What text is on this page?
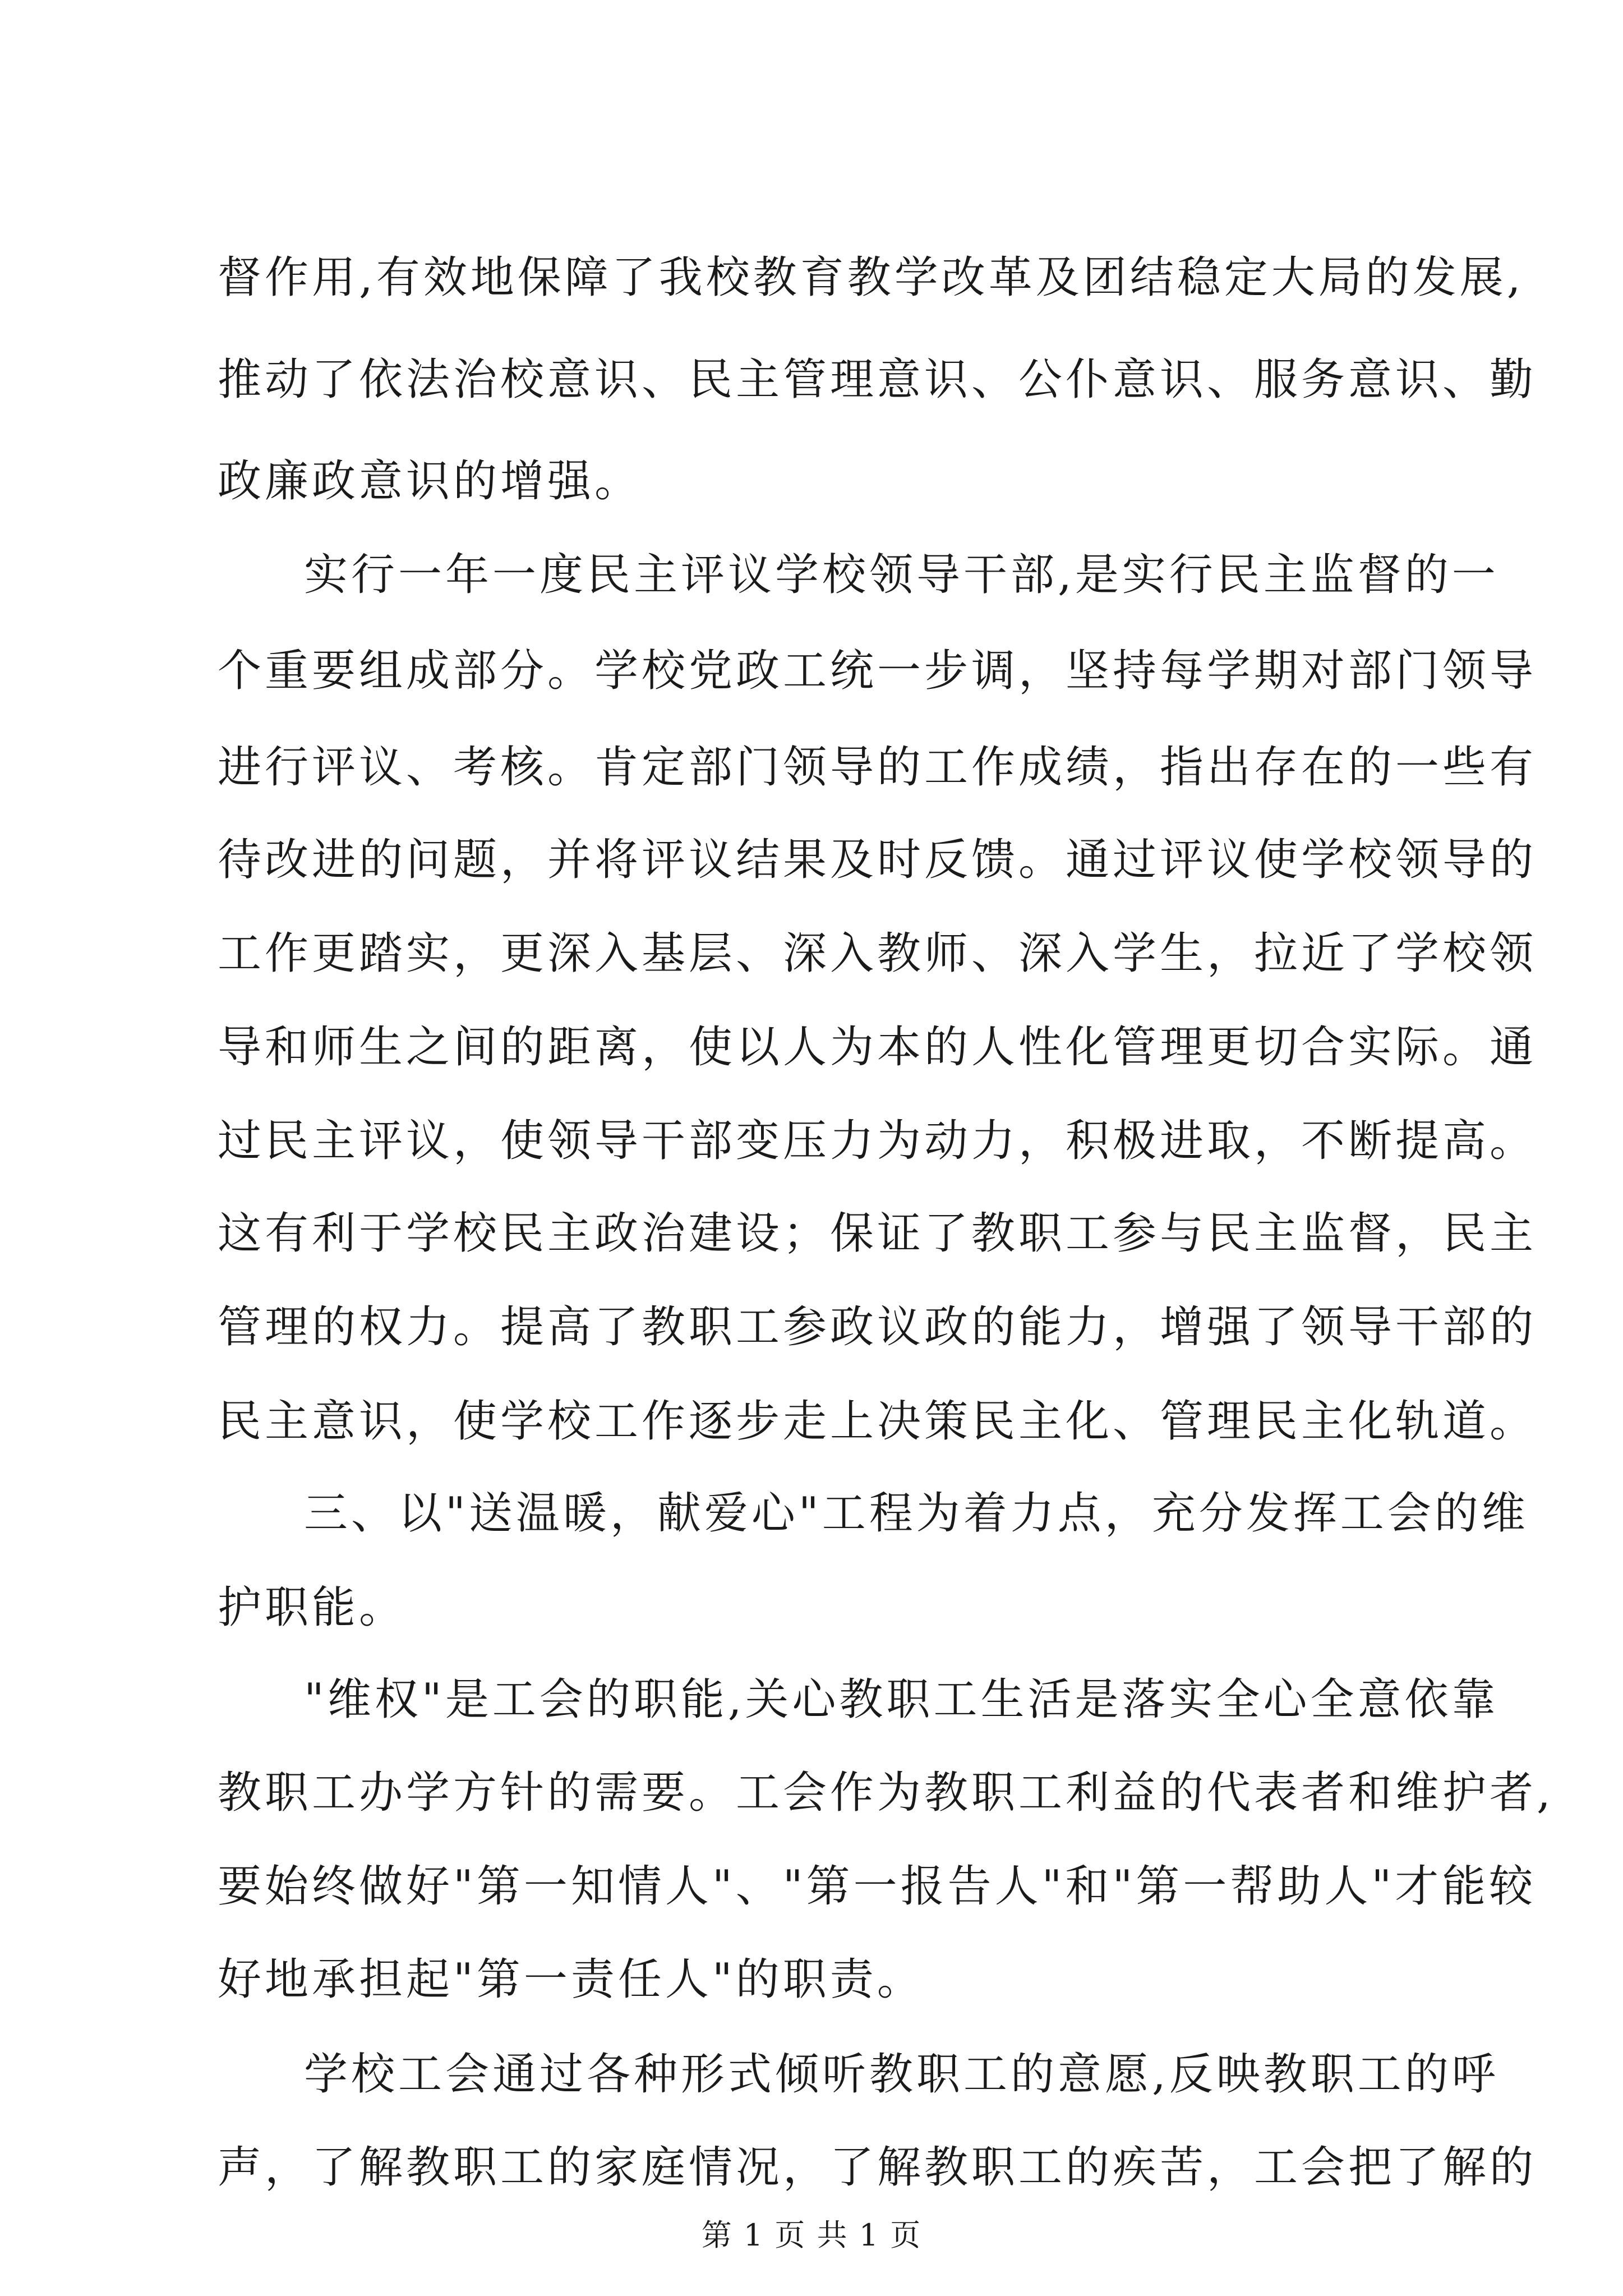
督作用,有效地保障了我校教育教学改革及团结稳定大局的发展,
推动了依法治校意识、民主管理意识、公仆意识、服务意识、勤
政廉政意识的增强。
实行一年一度民主评议学校领导干部,是实行民主监督的一
个重要组成部分。学校党政工统一步调，坚持每学期对部门领导
进行评议、考核。肯定部门领导的工作成绩，指出存在的一些有
待改进的问题，并将评议结果及时反馈。通过评议使学校领导的
工作更踏实，更深入基层、深入教师、深入学生，拉近了学校领
导和师生之间的距离，使以人为本的人性化管理更切合实际。通
过民主评议，使领导干部变压力为动力，积极进取，不断提高。
这有利于学校民主政治建设；保证了教职工参与民主监督，民主
管理的权力。提高了教职工参政议政的能力，增强了领导干部的
民主意识，使学校工作逐步走上决策民主化、管理民主化轨道。
三、以"送温暖，献爱心"工程为着力点，充分发挥工会的维
护职能。
"维权"是工会的职能,关心教职工生活是落实全心全意依靠
教职工办学方针的需要。工会作为教职工利益的代表者和维护者,
要始终做好"第一知情人"、"第一报告人"和"第一帮助人"才能较
好地承担起"第一责任人"的职责。
学校工会通过各种形式倾听教职工的意愿,反映教职工的呼
声，了解教职工的家庭情况，了解教职工的疾苦，工会把了解的
第 1 页 共 1 页
